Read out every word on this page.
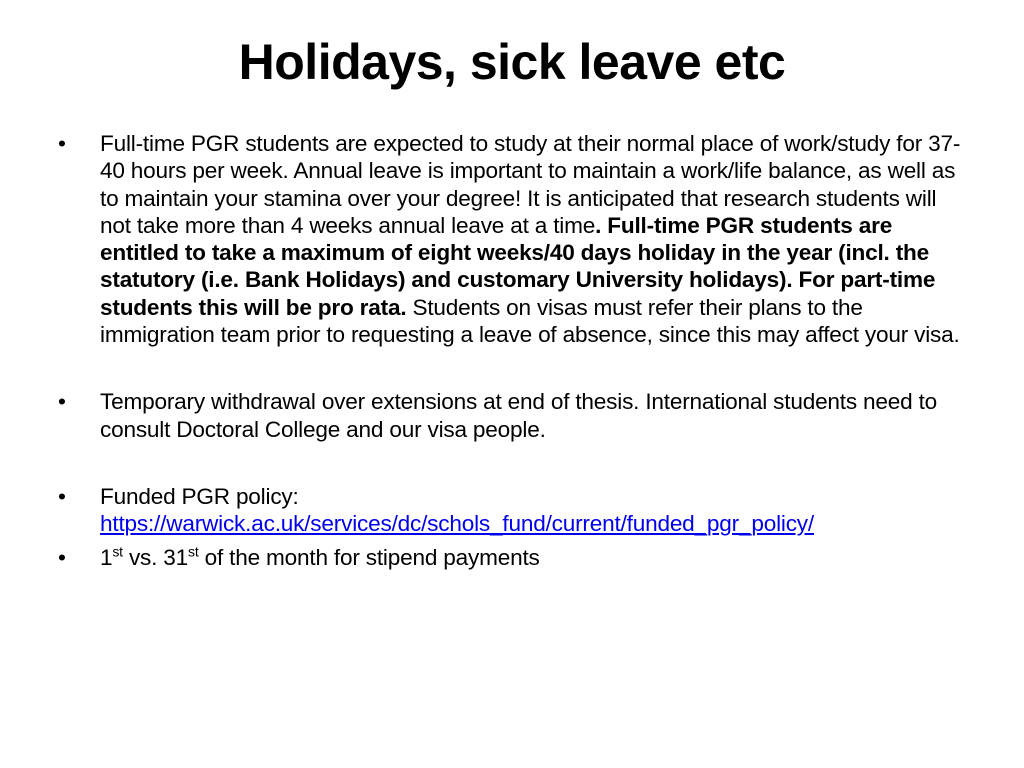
Holidays, sick leave etc
• Full-time PGR students are expected to study at their normal place of work/study for 37-40 hours per week. Annual leave is important to maintain a work/life balance, as well as to maintain your stamina over your degree! It is anticipated that research students will not take more than 4 weeks annual leave at a time. Full-time PGR students are entitled to take a maximum of eight weeks/40 days holiday in the year (incl. the statutory (i.e. Bank Holidays) and customary University holidays). For part-time students this will be pro rata. Students on visas must refer their plans to the immigration team prior to requesting a leave of absence, since this may affect your visa.
• Temporary withdrawal over extensions at end of thesis. International students need to consult Doctoral College and our visa people.
• Funded PGR policy:
https://warwick.ac.uk/services/dc/schols_fund/current/funded_pgr_policy/
• 1st vs. 31st of the month for stipend payments
